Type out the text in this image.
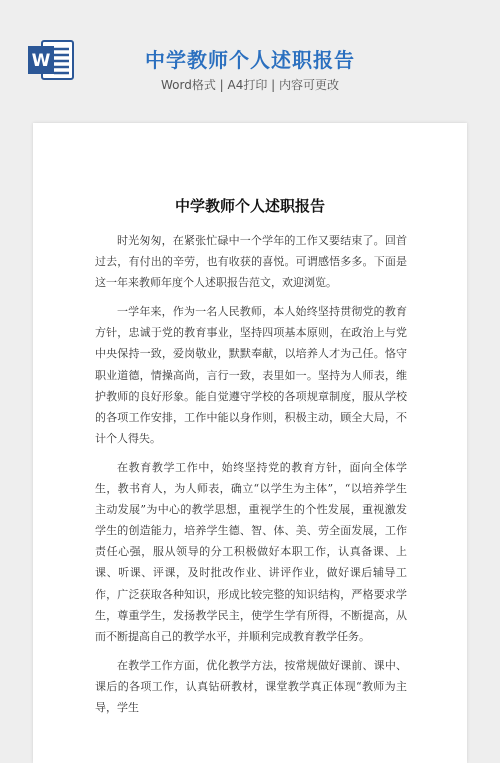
W	中学教师个人述职报告
Word格式 | A4打印 | 内容可更改
中学教师个人述职报告

时光匆匆，在紧张忙碌中一个学年的工作又要结束了。回首过去，有付出的辛劳，也有收获的喜悦。可谓感悟多多。下面是这一年来教师年度个人述职报告范文，欢迎浏览。

一学年来，作为一名人民教师，本人始终坚持贯彻党的教育方针，忠诚于党的教育事业，坚持四项基本原则，在政治上与党中央保持一致，爱岗敬业，默默奉献，以培养人才为己任。恪守职业道德，情操高尚，言行一致，表里如一。坚持为人师表，维护教师的良好形象。能自觉遵守学校的各项规章制度，服从学校的各项工作安排，工作中能以身作则，积极主动，顾全大局，不计个人得失。

在教育教学工作中，始终坚持党的教育方针，面向全体学生，教书育人，为人师表，确立“以学生为主体”，“以培养学生主动发展”为中心的教学思想，重视学生的个性发展，重视激发学生的创造能力，培养学生德、智、体、美、劳全面发展，工作责任心强，服从领导的分工积极做好本职工作，认真备课、上课、听课、评课，及时批改作业、讲评作业，做好课后辅导工作，广泛获取各种知识，形成比较完整的知识结构，严格要求学生，尊重学生，发扬教学民主，使学生学有所得，不断提高，从而不断提高自己的教学水平，并顺利完成教育教学任务。

在教学工作方面，优化教学方法，按常规做好课前、课中、课后的各项工作，认真钻研教材，课堂教学真正体现“教师为主导，学生
